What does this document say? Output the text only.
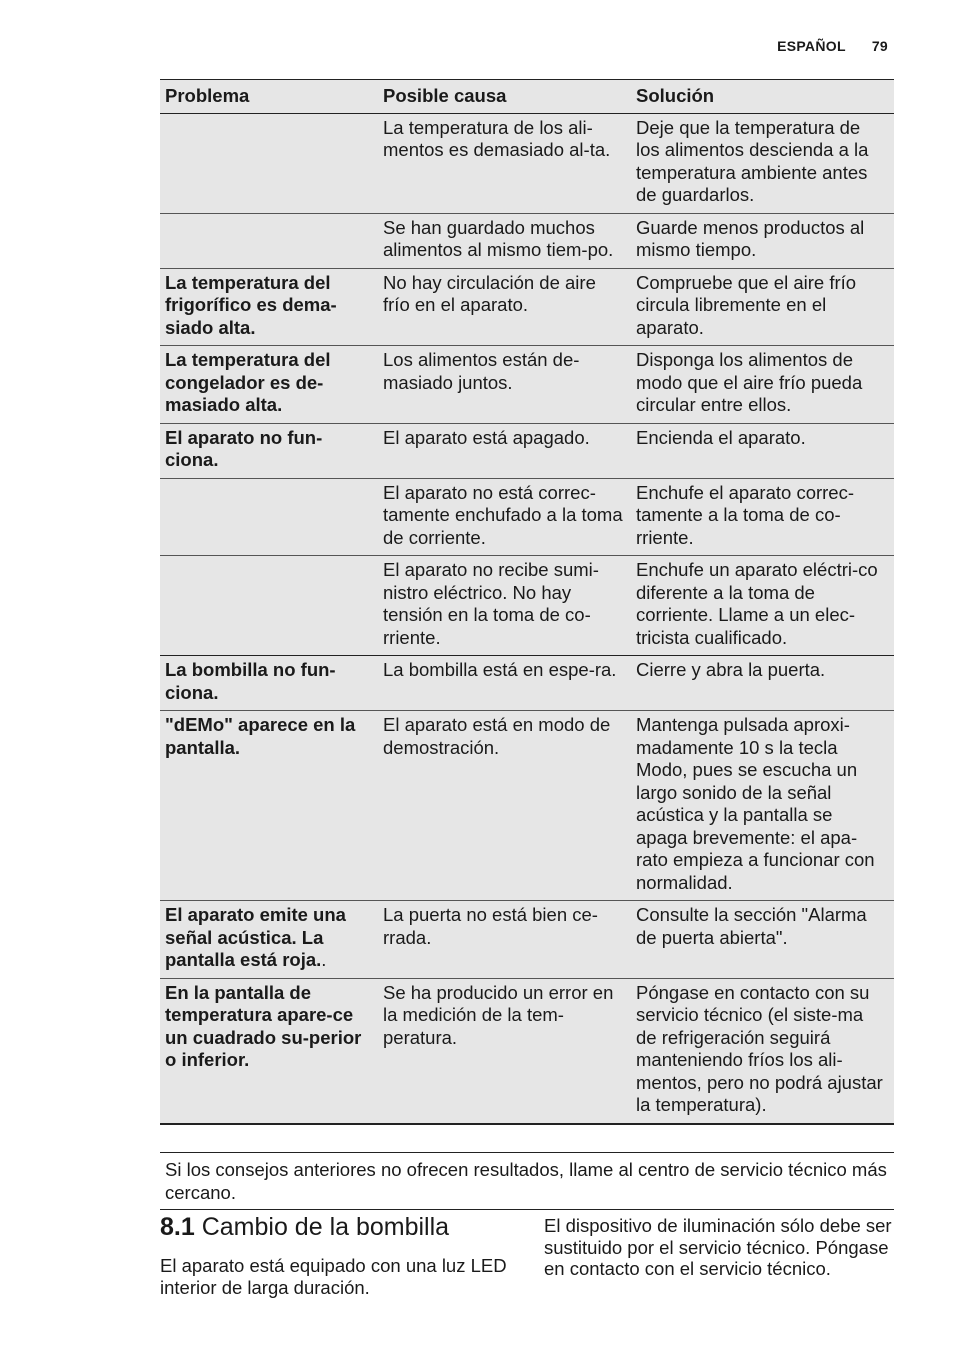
ESPAÑOL 79
Problema	Posible causa	Solución
	La temperatura de los ali-mentos es demasiado al-ta.	Deje que la temperatura de los alimentos descienda a la temperatura ambiente antes de guardarlos.
	Se han guardado muchos alimentos al mismo tiem-po.	Guarde menos productos al mismo tiempo.
La temperatura del frigorífico es dema-siado alta.	No hay circulación de aire frío en el aparato.	Compruebe que el aire frío circula libremente en el aparato.
La temperatura del congelador es de-masiado alta.	Los alimentos están de-masiado juntos.	Disponga los alimentos de modo que el aire frío pueda circular entre ellos.
El aparato no fun-ciona.	El aparato está apagado.	Encienda el aparato.
	El aparato no está correc-tamente enchufado a la toma de corriente.	Enchufe el aparato correc-tamente a la toma de co-rriente.
	El aparato no recibe sumi-nistro eléctrico. No hay tensión en la toma de co-rriente.	Enchufe un aparato eléctri-co diferente a la toma de corriente. Llame a un elec-tricista cualificado.
La bombilla no fun-ciona.	La bombilla está en espe-ra.	Cierre y abra la puerta.
"dEMo" aparece en la pantalla.	El aparato está en modo de demostración.	Mantenga pulsada aproxi-madamente 10 s la tecla Modo, pues se escucha un largo sonido de la señal acústica y la pantalla se apaga brevemente: el apa-rato empieza a funcionar con normalidad.
El aparato emite una señal acústica. La pantalla está roja..	La puerta no está bien ce-rrada.	Consulte la sección "Alarma de puerta abierta".
En la pantalla de temperatura apare-ce un cuadrado su-perior o inferior.	Se ha producido un error en la medición de la tem-peratura.	Póngase en contacto con su servicio técnico (el siste-ma de refrigeración seguirá manteniendo fríos los ali-mentos, pero no podrá ajustar la temperatura).
Si los consejos anteriores no ofrecen resultados, llame al centro de servicio técnico más cercano.
8.1 Cambio de la bombilla
El aparato está equipado con una luz LED interior de larga duración.
El dispositivo de iluminación sólo debe ser sustituido por el servicio técnico. Póngase en contacto con el servicio técnico.
